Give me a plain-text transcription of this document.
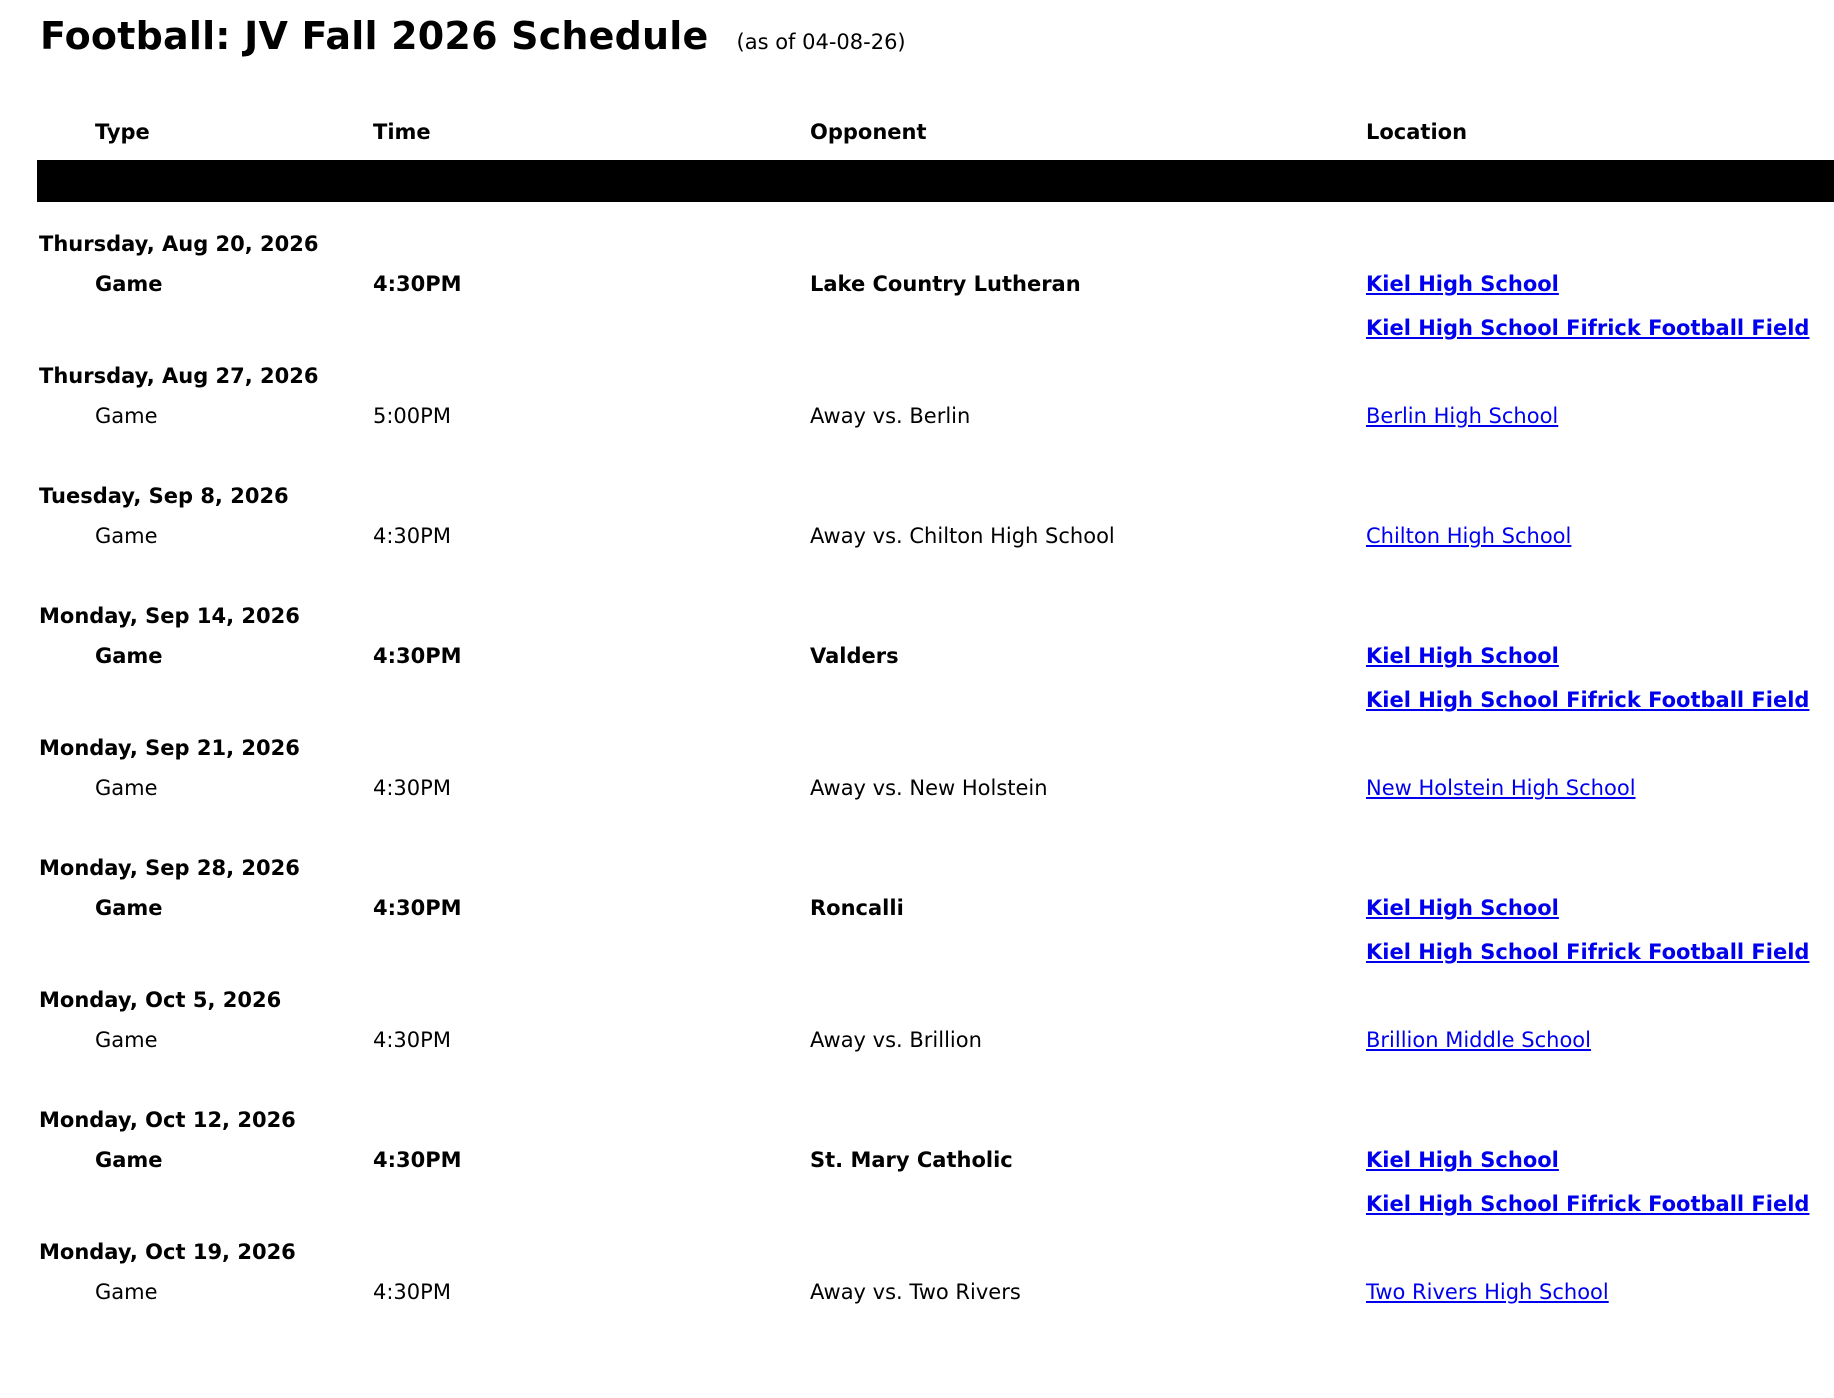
Football: JV Fall 2026 Schedule (as of 04-08-26)
Type	Time	Opponent	Location
Thursday, Aug 20, 2026
Game	4:30PM	Lake Country Lutheran	Kiel High School
Kiel High School Fifrick Football Field
Thursday, Aug 27, 2026
Game	5:00PM	Away vs. Berlin	Berlin High School
Tuesday, Sep 8, 2026
Game	4:30PM	Away vs. Chilton High School	Chilton High School
Monday, Sep 14, 2026
Game	4:30PM	Valders	Kiel High School
Kiel High School Fifrick Football Field
Monday, Sep 21, 2026
Game	4:30PM	Away vs. New Holstein	New Holstein High School
Monday, Sep 28, 2026
Game	4:30PM	Roncalli	Kiel High School
Kiel High School Fifrick Football Field
Monday, Oct 5, 2026
Game	4:30PM	Away vs. Brillion	Brillion Middle School
Monday, Oct 12, 2026
Game	4:30PM	St. Mary Catholic	Kiel High School
Kiel High School Fifrick Football Field
Monday, Oct 19, 2026
Game	4:30PM	Away vs. Two Rivers	Two Rivers High School
